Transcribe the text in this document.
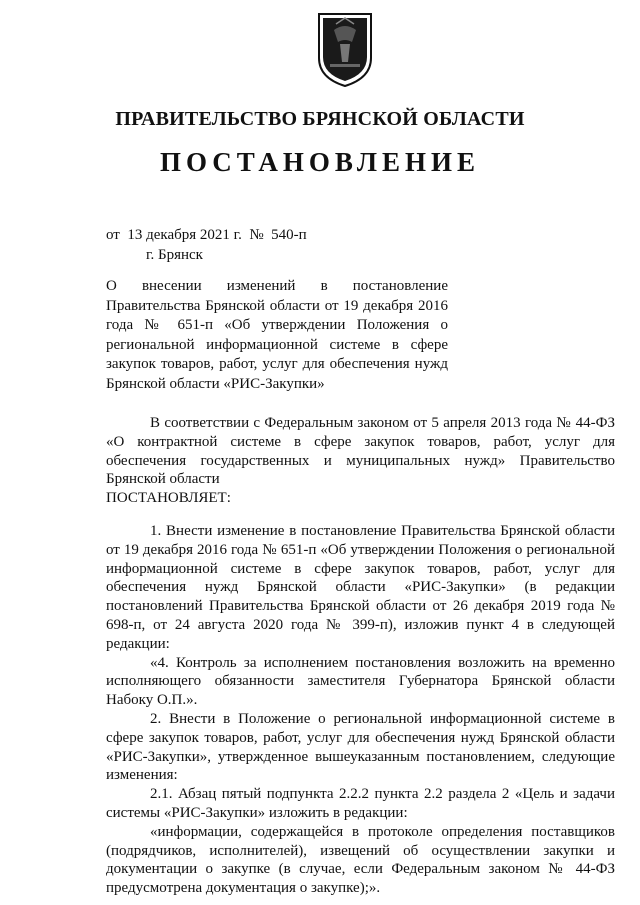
ПРАВИТЕЛЬСТВО БРЯНСКОЙ ОБЛАСТИ
ПОСТАНОВЛЕНИЕ
от  13 декабря 2021 г.  №  540-п
г. Брянск
О внесении изменений в постановление Правительства Брянской области от 19 декабря 2016 года № 651-п «Об утверждении Положения о региональной информационной системе в сфере закупок товаров, работ, услуг для обеспечения нужд Брянской области «РИС-Закупки»

В соответствии с Федеральным законом от 5 апреля 2013 года № 44-ФЗ «О контрактной системе в сфере закупок товаров, работ, услуг для обеспечения государственных и муниципальных нужд» Правительство Брянской области

ПОСТАНОВЛЯЕТ:

1. Внести изменение в постановление Правительства Брянской области от 19 декабря 2016 года № 651-п «Об утверждении Положения о региональной информационной системе в сфере закупок товаров, работ, услуг для обеспечения нужд Брянской области «РИС-Закупки» (в редакции постановлений Правительства Брянской области от 26 декабря 2019 года № 698-п, от 24 августа 2020 года № 399-п), изложив пункт 4 в следующей редакции:

«4. Контроль за исполнением постановления возложить на временно исполняющего обязанности заместителя Губернатора Брянской области Набоку О.П.».

2. Внести в Положение о региональной информационной системе в сфере закупок товаров, работ, услуг для обеспечения нужд Брянской области «РИС-Закупки», утвержденное вышеуказанным постановлением, следующие изменения:

2.1. Абзац пятый подпункта 2.2.2 пункта 2.2 раздела 2 «Цель и задачи системы «РИС-Закупки» изложить в редакции:

«информации, содержащейся в протоколе определения поставщиков (подрядчиков, исполнителей), извещений об осуществлении закупки и документации о закупке (в случае, если Федеральным законом № 44-ФЗ предусмотрена документация о закупке);».
